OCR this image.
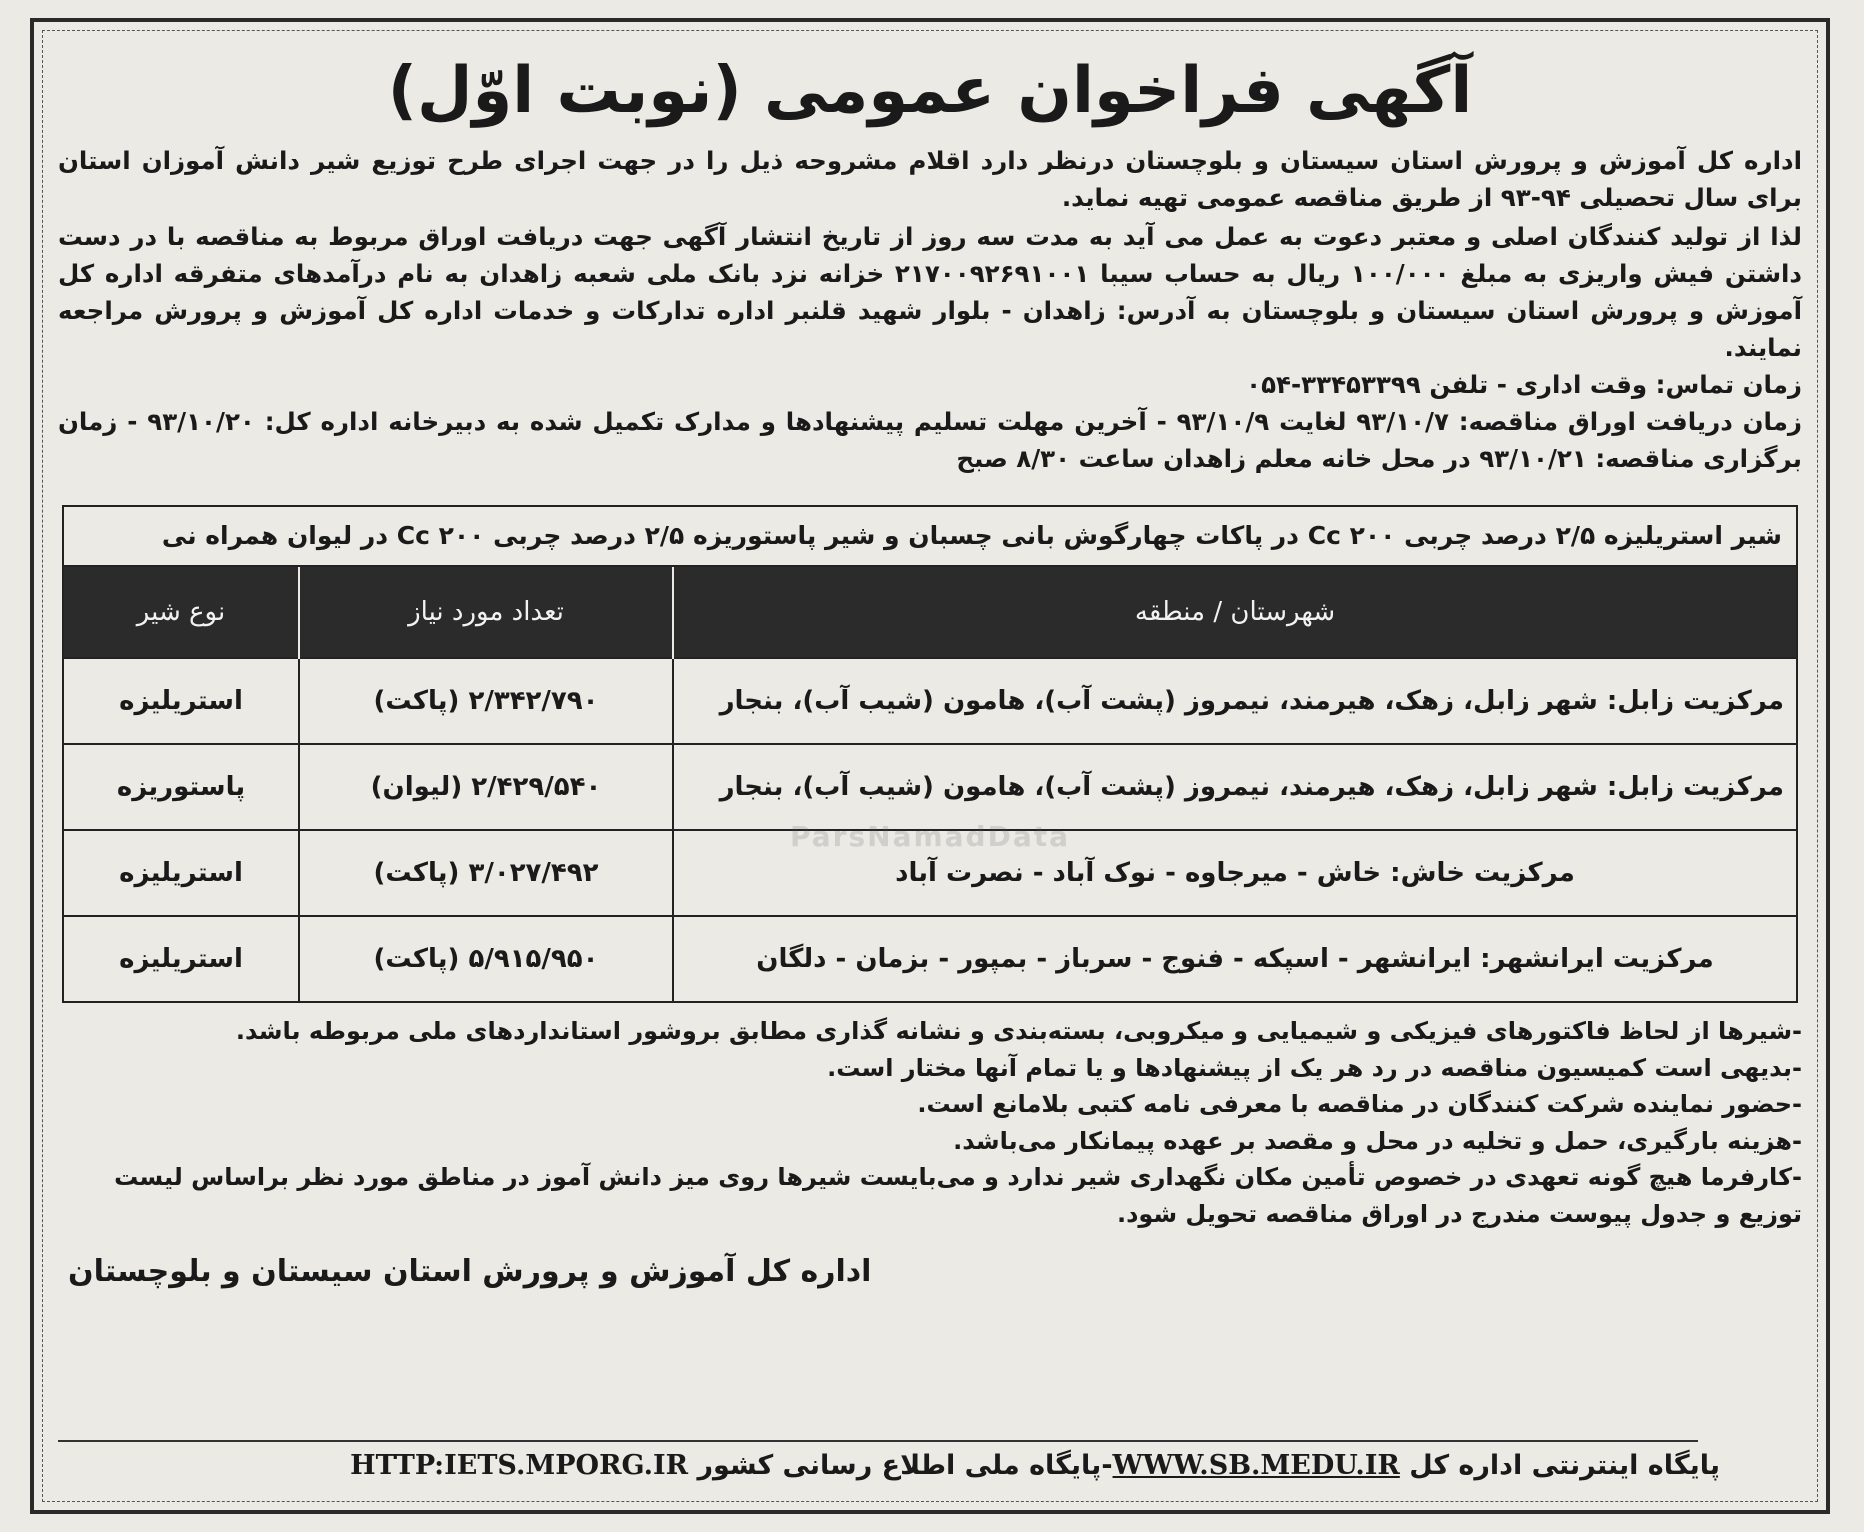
آگهی فراخوان عمومی (نوبت اوّل)

اداره کل آموزش و پرورش استان سیستان و بلوچستان درنظر دارد اقلام مشروحه ذیل را در جهت اجرای طرح توزیع شیر دانش آموزان استان برای سال تحصیلی ۹۴-۹۳ از طریق مناقصه عمومی تهیه نماید.

لذا از تولید کنندگان اصلی و معتبر دعوت به عمل می آید به مدت سه روز از تاریخ انتشار آگهی جهت دریافت اوراق مربوط به مناقصه با در دست داشتن فیش واریزی به مبلغ ۱۰۰/۰۰۰ ریال به حساب سیبا ۲۱۷۰۰۹۲۶۹۱۰۰۱ خزانه نزد بانک ملی شعبه زاهدان به نام درآمدهای متفرقه اداره کل آموزش و پرورش استان سیستان و بلوچستان به آدرس: زاهدان - بلوار شهید قلنبر اداره تدارکات و خدمات اداره کل آموزش و پرورش مراجعه نمایند.

زمان تماس: وقت اداری - تلفن ۳۳۴۵۳۳۹۹-۰۵۴

زمان دریافت اوراق مناقصه: ۹۳/۱۰/۷ لغایت ۹۳/۱۰/۹ - آخرین مهلت تسلیم پیشنهادها و مدارک تکمیل شده به دبیرخانه اداره کل: ۹۳/۱۰/۲۰ - زمان برگزاری مناقصه: ۹۳/۱۰/۲۱ در محل خانه معلم زاهدان ساعت ۸/۳۰ صبح

شیر استریلیزه ۲/۵ درصد چربی Cc ۲۰۰ در پاکات چهارگوش بانی چسبان و شیر پاستوریزه ۲/۵ درصد چربی Cc ۲۰۰ در لیوان همراه نی
شهرستان / منطقه	تعداد مورد نیاز	نوع شیر
مرکزیت زابل: شهر زابل، زهک، هیرمند، نیمروز (پشت آب)، هامون (شیب آب)، بنجار	۲/۳۴۲/۷۹۰ (پاکت)	استریلیزه
مرکزیت زابل: شهر زابل، زهک، هیرمند، نیمروز (پشت آب)، هامون (شیب آب)، بنجار	۲/۴۲۹/۵۴۰ (لیوان)	پاستوریزه
مرکزیت خاش: خاش - میرجاوه - نوک آباد - نصرت آباد	۳/۰۲۷/۴۹۲ (پاکت)	استریلیزه
مرکزیت ایرانشهر: ایرانشهر - اسپکه - فنوج - سرباز - بمپور - بزمان - دلگان	۵/۹۱۵/۹۵۰ (پاکت)	استریلیزه

-شیرها از لحاظ فاکتورهای فیزیکی و شیمیایی و میکروبی، بسته‌بندی و نشانه گذاری مطابق بروشور استانداردهای ملی مربوطه باشد.

-بدیهی است کمیسیون مناقصه در رد هر یک از پیشنهادها و یا تمام آنها مختار است.

-حضور نماینده شرکت کنندگان در مناقصه با معرفی نامه کتبی بلامانع است.

-هزینه بارگیری، حمل و تخلیه در محل و مقصد بر عهده پیمانکار می‌باشد.

-کارفرما هیچ گونه تعهدی در خصوص تأمین مکان نگهداری شیر ندارد و می‌بایست شیرها روی میز دانش آموز در مناطق مورد نظر براساس لیست توزیع و جدول پیوست مندرج در اوراق مناقصه تحویل شود.

اداره کل آموزش و پرورش استان سیستان و بلوچستان
پایگاه اینترنتی اداره کل WWW.SB.MEDU.IR-پایگاه ملی اطلاع رسانی کشور HTTP:IETS.MPORG.IR
ParsNamadData
